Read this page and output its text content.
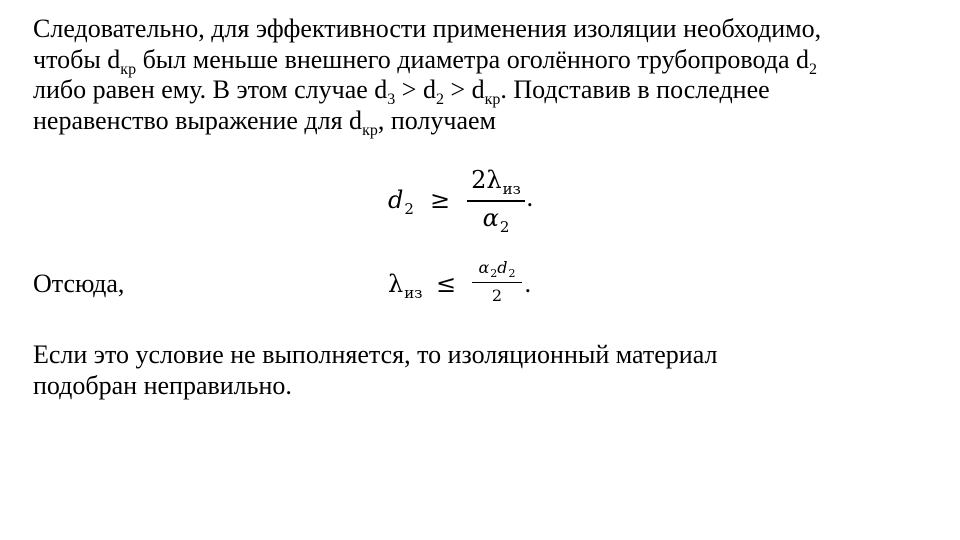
Следовательно, для эффективности применения изоляции необходимо,
чтобы $d_{кр}$ был меньше внешнего диаметра оголённого трубопровода $d_2$
либо равен ему. В этом случае $d_3 > d_2 > d_{кр}$. Подставив в последнее
неравенство выражение для $d_{кр}$, получаем
$d_2$ ≥
$2\lambda_{из}$
$\alpha_2$
.
Отсюда,	$\lambda_{из}$ ≤
$\alpha_2d_2$
2 .
Если это условие не выполняется, то изоляционный материал
подобран неправильно.
